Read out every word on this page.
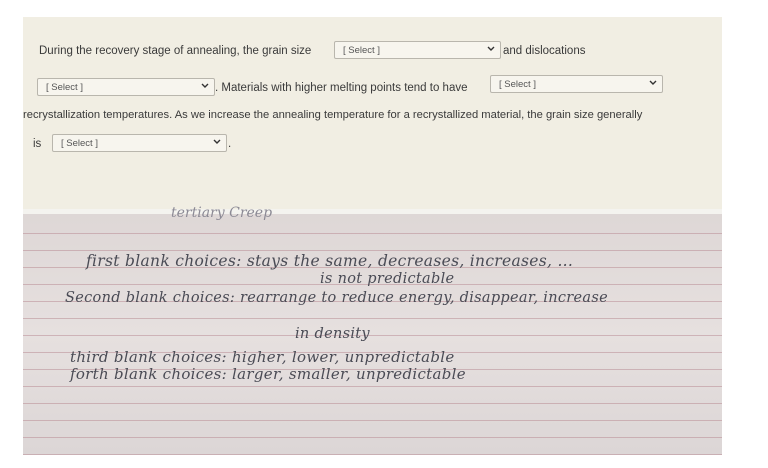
During the recovery stage of annealing, the grain size	[ Select ]	and dislocations
[ Select ]	. Materials with higher melting points tend to have	[ Select ]
recrystallization temperatures. As we increase the annealing temperature for a recrystallized material, the grain size generally
is [ Select ]	.
tertiary Creep
first blank choices: stays the same, decreases, increases, ...
is not predictable
Second blank choices: rearrange to reduce energy, disappear, increase
in density
third blank choices: higher, lower, unpredictable
forth blank choices: larger, smaller, unpredictable
